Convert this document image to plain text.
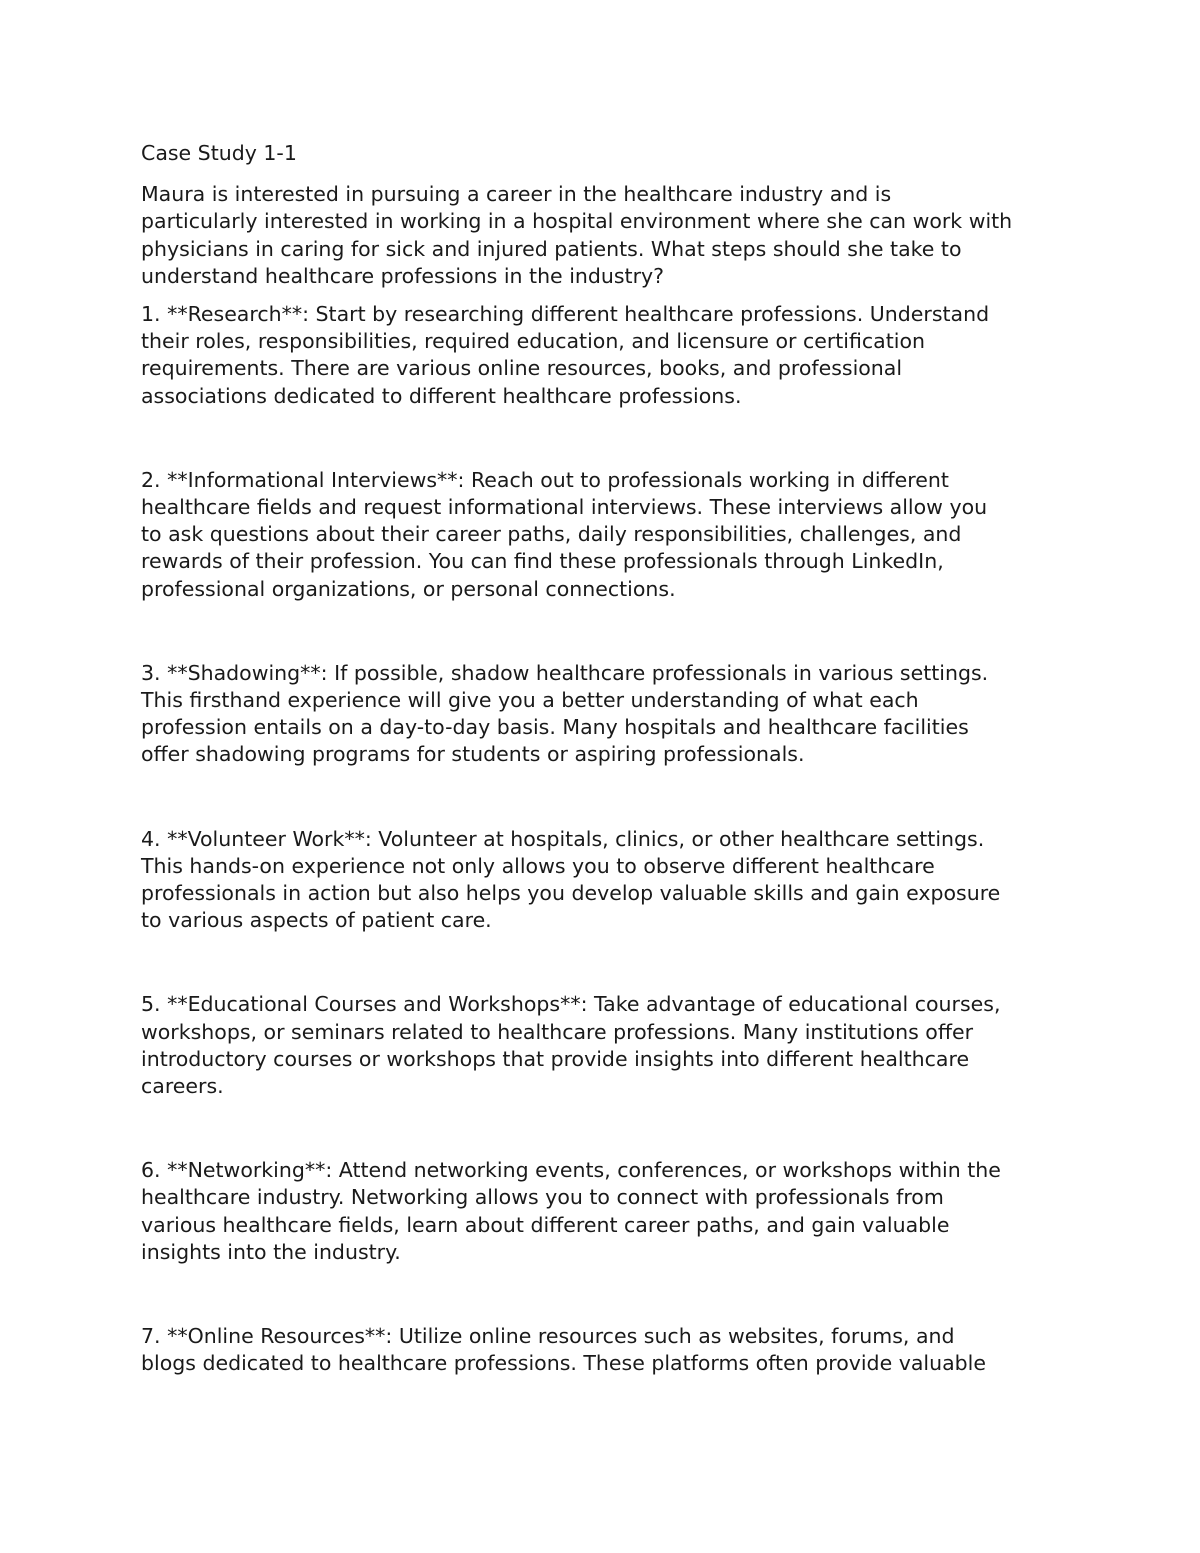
Case Study 1-1
Maura is interested in pursuing a career in the healthcare industry and is
particularly interested in working in a hospital environment where she can work with
physicians in caring for sick and injured patients. What steps should she take to
understand healthcare professions in the industry?
1. **Research**: Start by researching different healthcare professions. Understand
their roles, responsibilities, required education, and licensure or certification
requirements. There are various online resources, books, and professional
associations dedicated to different healthcare professions.
2. **Informational Interviews**: Reach out to professionals working in different
healthcare fields and request informational interviews. These interviews allow you
to ask questions about their career paths, daily responsibilities, challenges, and
rewards of their profession. You can find these professionals through LinkedIn,
professional organizations, or personal connections.
3. **Shadowing**: If possible, shadow healthcare professionals in various settings.
This firsthand experience will give you a better understanding of what each
profession entails on a day-to-day basis. Many hospitals and healthcare facilities
offer shadowing programs for students or aspiring professionals.
4. **Volunteer Work**: Volunteer at hospitals, clinics, or other healthcare settings.
This hands-on experience not only allows you to observe different healthcare
professionals in action but also helps you develop valuable skills and gain exposure
to various aspects of patient care.
5. **Educational Courses and Workshops**: Take advantage of educational courses,
workshops, or seminars related to healthcare professions. Many institutions offer
introductory courses or workshops that provide insights into different healthcare
careers.
6. **Networking**: Attend networking events, conferences, or workshops within the
healthcare industry. Networking allows you to connect with professionals from
various healthcare fields, learn about different career paths, and gain valuable
insights into the industry.
7. **Online Resources**: Utilize online resources such as websites, forums, and
blogs dedicated to healthcare professions. These platforms often provide valuable
